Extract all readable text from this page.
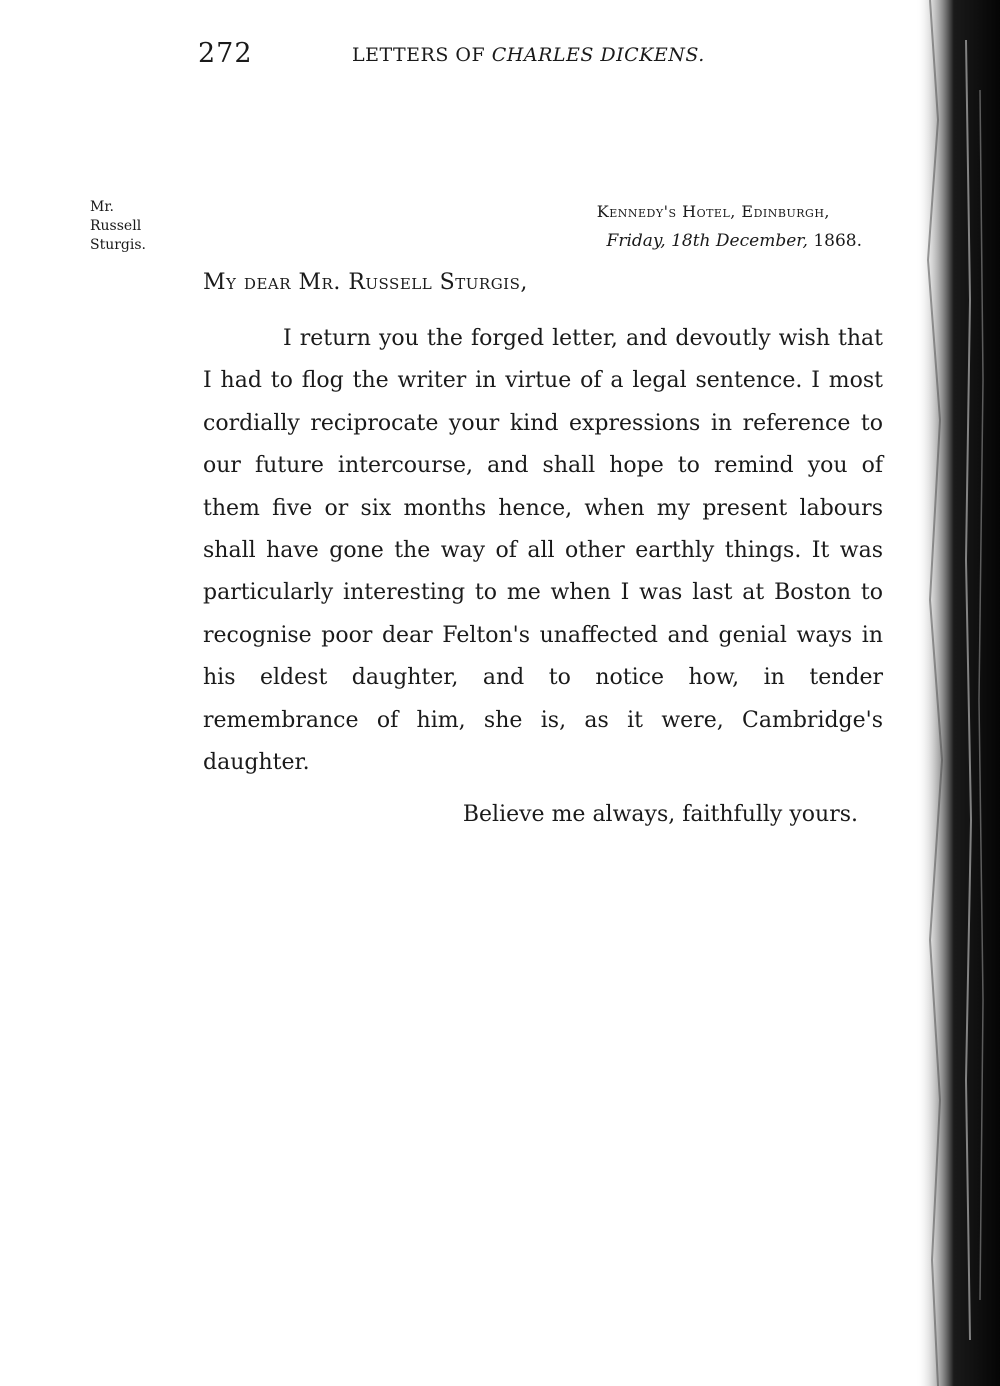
272	LETTERS OF CHARLES DICKENS.
Mr.
Russell
Sturgis.
Kennedy's Hotel, Edinburgh,
Friday, 18th December, 1868.
My dear Mr. Russell Sturgis,

I return you the forged letter, and devoutly wish that I had to flog the writer in virtue of a legal sentence. I most cordially reciprocate your kind expressions in reference to our future intercourse, and shall hope to remind you of them five or six months hence, when my present labours shall have gone the way of all other earthly things. It was particularly interesting to me when I was last at Boston to recognise poor dear Felton's unaffected and genial ways in his eldest daughter, and to notice how, in tender remembrance of him, she is, as it were, Cambridge's daughter.

Believe me always, faithfully yours.
